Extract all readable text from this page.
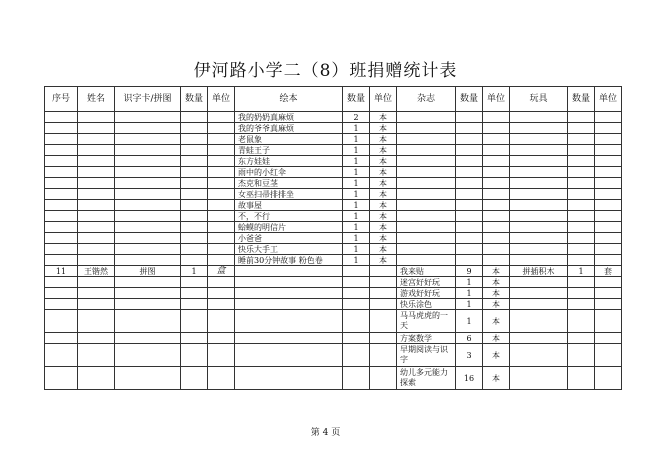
伊河路小学二（8）班捐赠统计表
序号	姓名	识字卡/拼图	数量	单位	绘本	数量	单位	杂志	数量	单位	玩具	数量	单位
					我的奶奶真麻烦	2	本						
					我的爷爷真麻烦	1	本						
					老鼠象	1	本						
					青蛙王子	1	本						
					东方娃娃	1	本						
					雨中的小红伞	1	本						
					杰克和豆茎	1	本						
					女巫扫帚排排坐	1	本						
					故事屋	1	本						
					不，不行	1	本						
					蛤蟆的明信片	1	本						
					小爸爸	1	本						
					快乐大手工	1	本						
					睡前30分钟故事 粉色卷	1	本						
11	王锴然	拼图	1	盒				我来贴	9	本	拼插积木	1	套
								迷宫好好玩	1	本			
								游戏好好玩	1	本			
								快乐涂色	1	本			
								马马虎虎的一天	1	本			
								方案数学	6	本			
								早期阅读与识字	3	本			
								幼儿多元能力探索	16	本			
第 4 页
